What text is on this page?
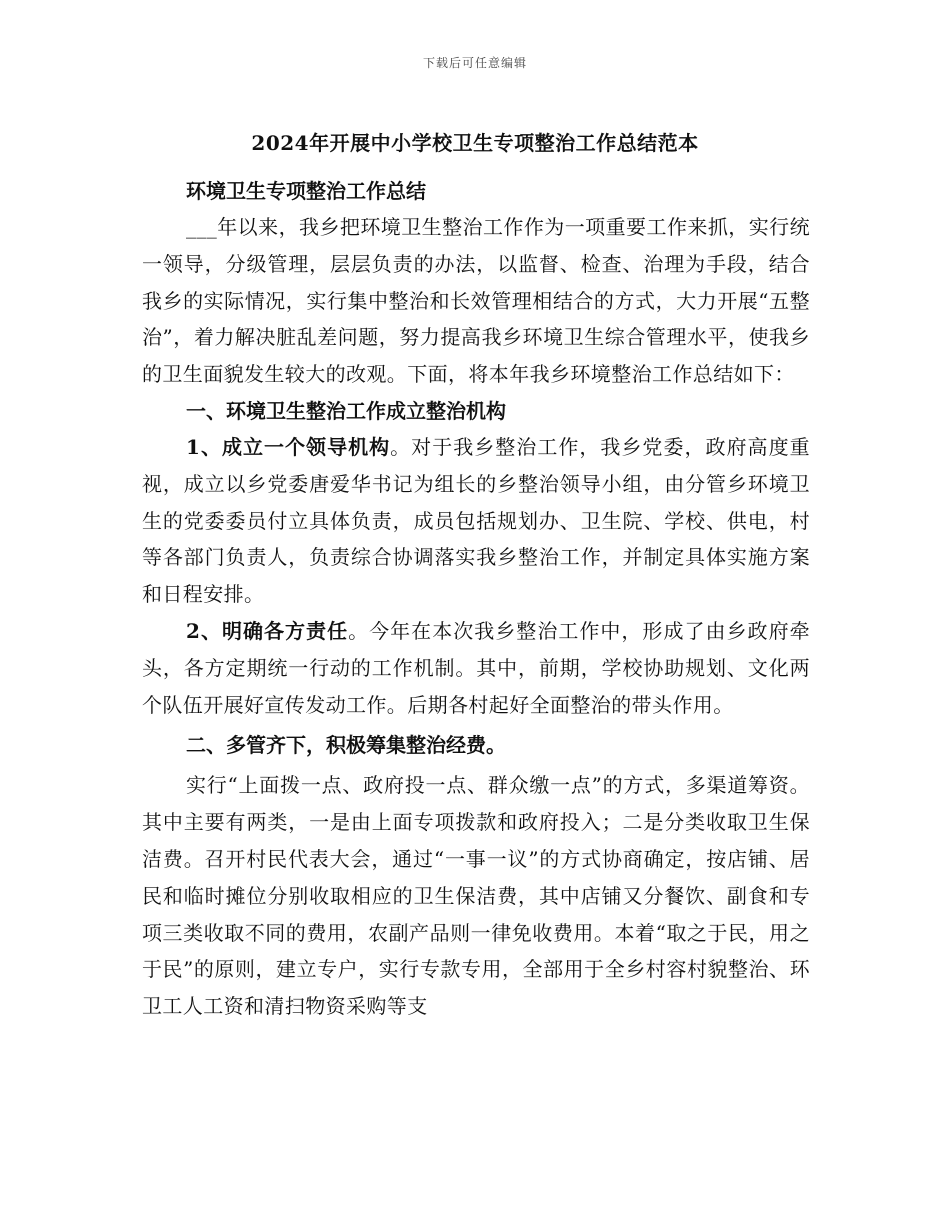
下载后可任意编辑
2024年开展中小学校卫生专项整治工作总结范本

环境卫生专项整治工作总结

___年以来，我乡把环境卫生整治工作作为一项重要工作来抓，实行统一领导，分级管理，层层负责的办法，以监督、检查、治理为手段，结合我乡的实际情况，实行集中整治和长效管理相结合的方式，大力开展“五整治”，着力解决脏乱差问题，努力提高我乡环境卫生综合管理水平，使我乡的卫生面貌发生较大的改观。下面，将本年我乡环境整治工作总结如下：

一、环境卫生整治工作成立整治机构

1、成立一个领导机构。对于我乡整治工作，我乡党委，政府高度重视，成立以乡党委唐爱华书记为组长的乡整治领导小组，由分管乡环境卫生的党委委员付立具体负责，成员包括规划办、卫生院、学校、供电，村等各部门负责人，负责综合协调落实我乡整治工作，并制定具体实施方案和日程安排。

2、明确各方责任。今年在本次我乡整治工作中，形成了由乡政府牵头，各方定期统一行动的工作机制。其中，前期，学校协助规划、文化两个队伍开展好宣传发动工作。后期各村起好全面整治的带头作用。

二、多管齐下，积极筹集整治经费。

实行“上面拨一点、政府投一点、群众缴一点”的方式，多渠道筹资。其中主要有两类，一是由上面专项拨款和政府投入；二是分类收取卫生保洁费。召开村民代表大会，通过“一事一议”的方式协商确定，按店铺、居民和临时摊位分别收取相应的卫生保洁费，其中店铺又分餐饮、副食和专项三类收取不同的费用，农副产品则一律免收费用。本着“取之于民，用之于民”的原则，建立专户，实行专款专用，全部用于全乡村容村貌整治、环卫工人工资和清扫物资采购等支
